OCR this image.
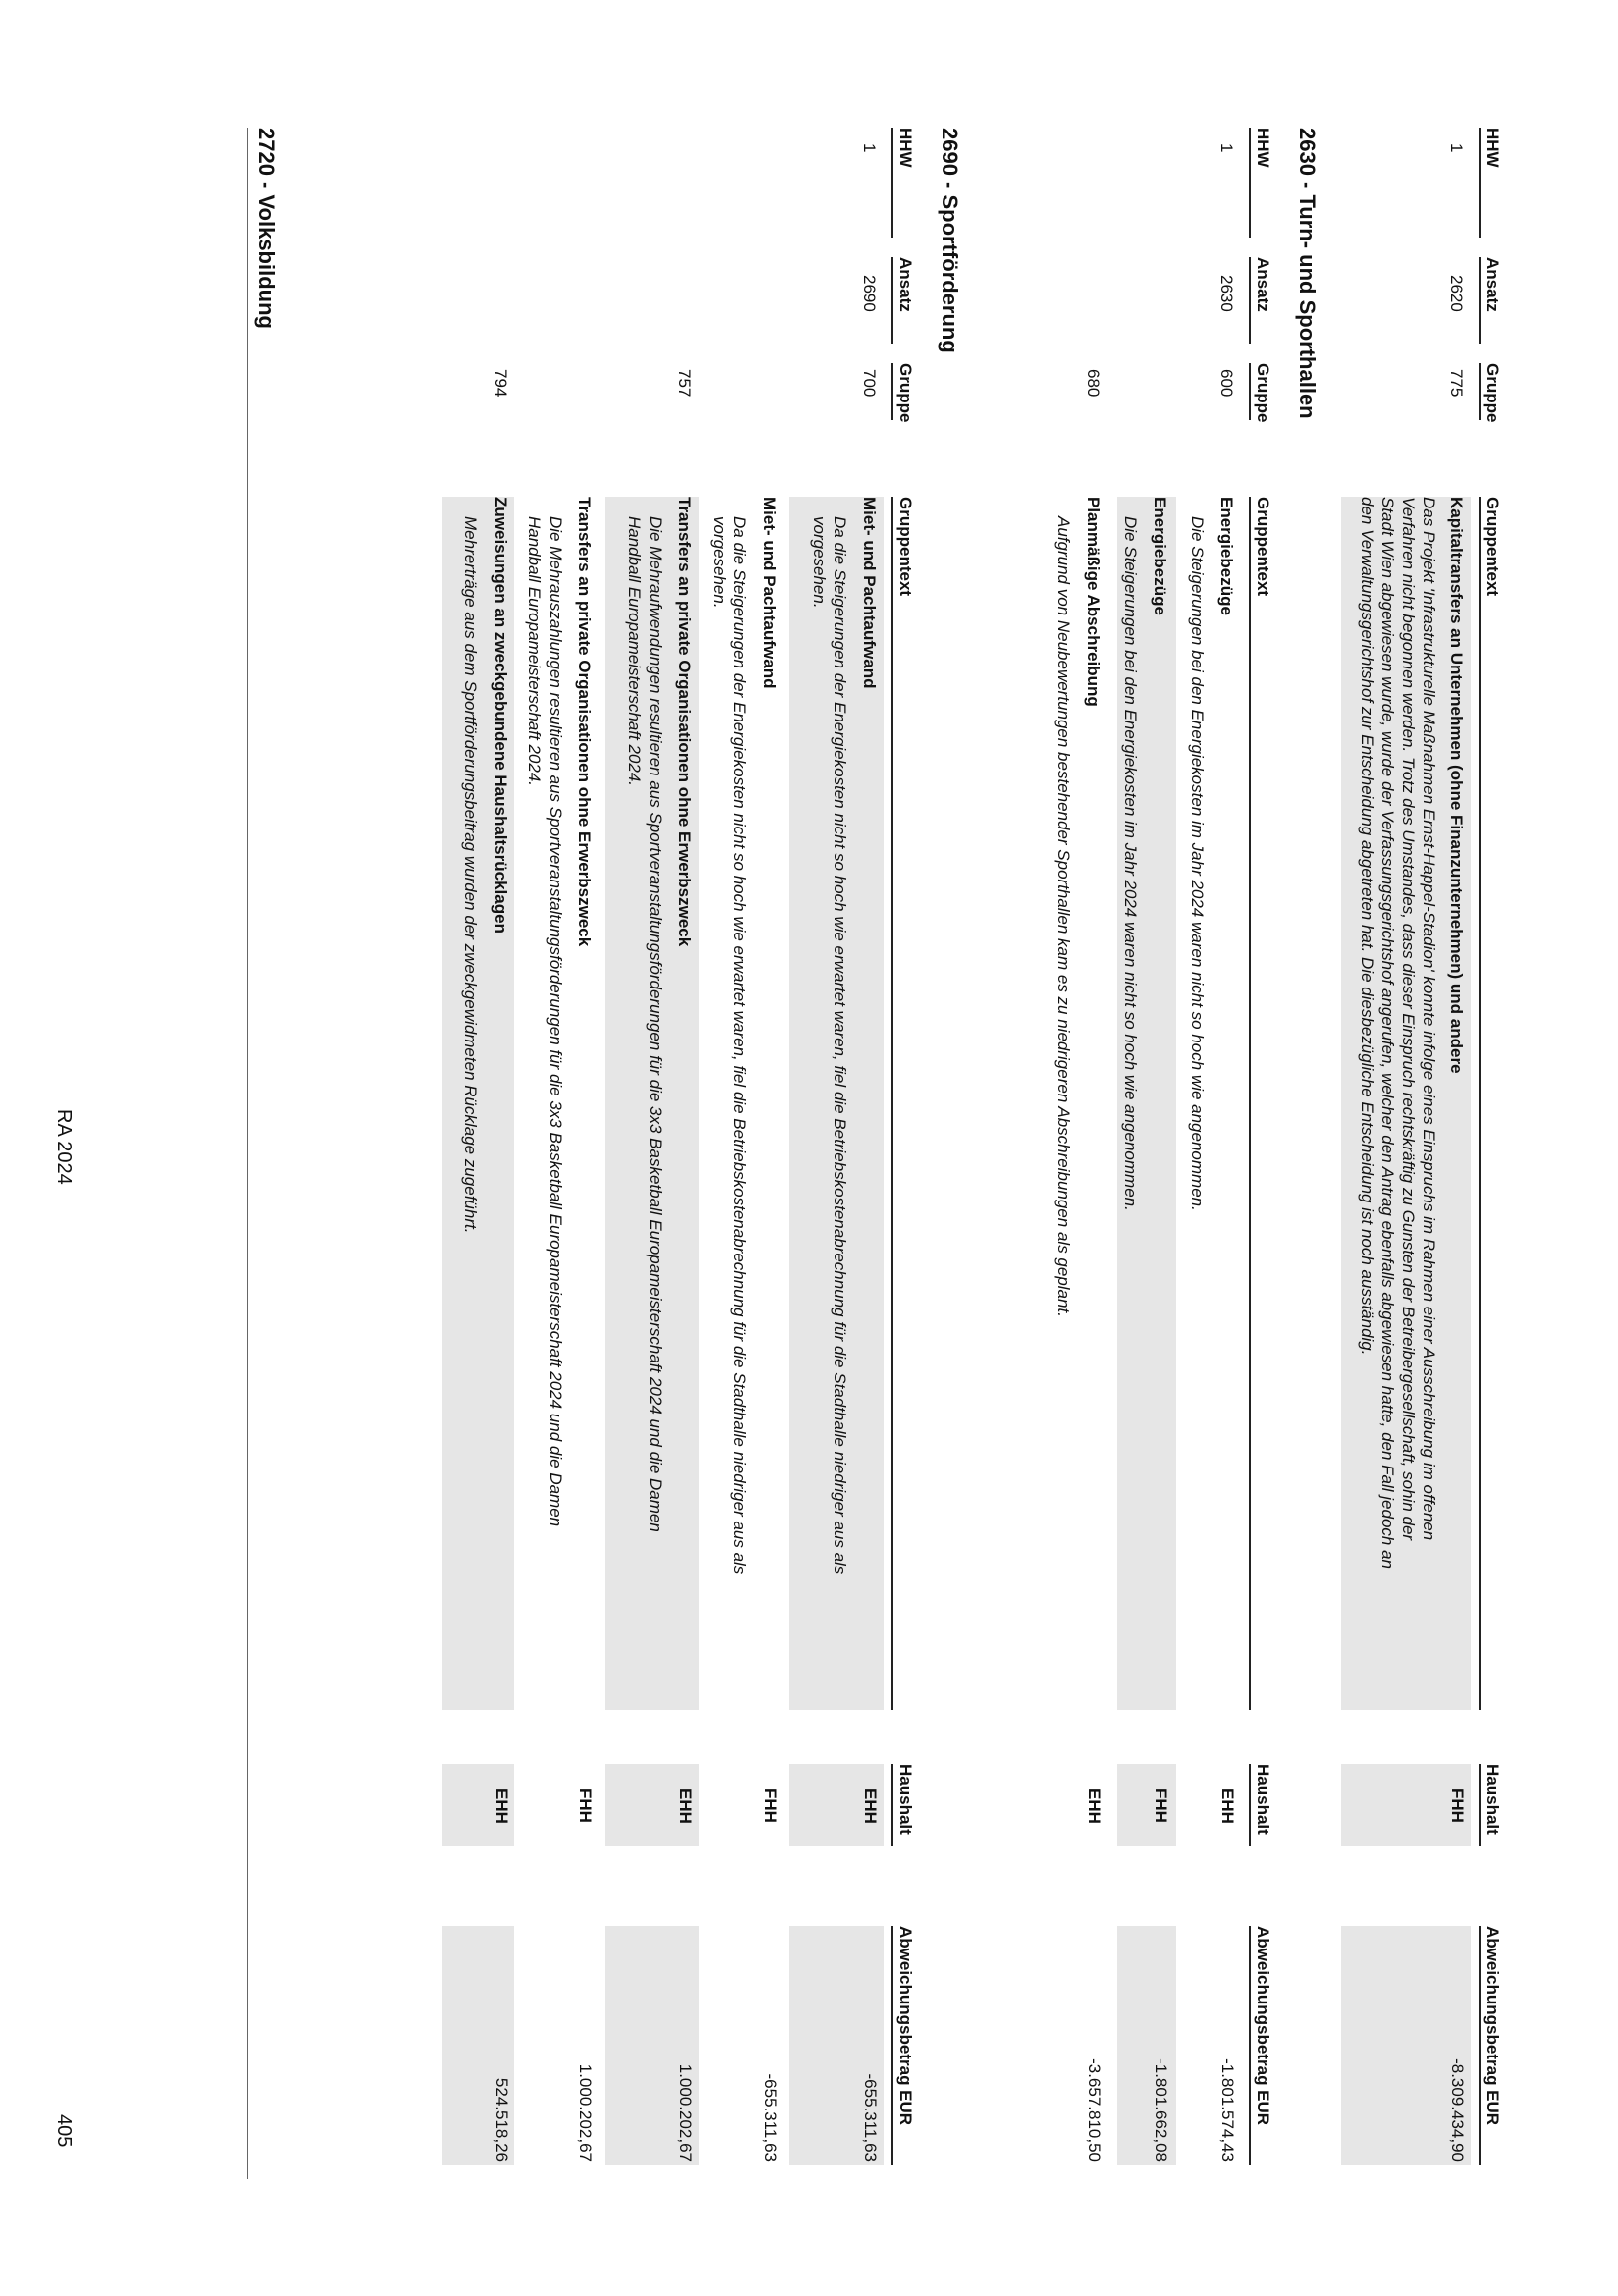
HHW
Ansatz
Gruppe
Gruppentext
Haushalt
Abweichungsbetrag EUR
1
2620
775
Kapitaltransfers an Unternehmen (ohne Finanzunternehmen) und andere
Das Projekt 'Infrastrukturelle Maßnahmen Ernst-Happel-Stadion' konnte infolge eines Einspruchs im Rahmen einer Ausschreibung im offenen
Verfahren nicht begonnen werden. Trotz des Umstandes, dass dieser Einspruch rechtskräftig zu Gunsten der Betreibergesellschaft, sohin der
Stadt Wien abgewiesen wurde, wurde der Verfassungsgerichtshof angerufen, welcher den Antrag ebenfalls abgewiesen hatte, den Fall jedoch an
den Verwaltungsgerichtshof zur Entscheidung abgetreten hat. Die diesbezügliche Entscheidung ist noch ausständig.
FHH
-8.309.434,90
2630 - Turn- und Sporthallen
HHW
Ansatz
Gruppe
Gruppentext
Haushalt
Abweichungsbetrag EUR
1
2630
600
Energiebezüge
Die Steigerungen bei den Energiekosten im Jahr 2024 waren nicht so hoch wie angenommen.
EHH
-1.801.574,43
Energiebezüge
Die Steigerungen bei den Energiekosten im Jahr 2024 waren nicht so hoch wie angenommen.
FHH
-1.801.662,08
680
Planmäßige Abschreibung
Aufgrund von Neubewertungen bestehender Sporthallen kam es zu niedrigeren Abschreibungen als geplant.
EHH
-3.657.810,50
2690 - Sportförderung
HHW
Ansatz
Gruppe
Gruppentext
Haushalt
Abweichungsbetrag EUR
1
2690
700
Miet- und Pachtaufwand
Da die Steigerungen der Energiekosten nicht so hoch wie erwartet waren, fiel die Betriebskostenabrechnung für die Stadthalle niedriger aus als
vorgesehen.
EHH
-655.311,63
Miet- und Pachtaufwand
Da die Steigerungen der Energiekosten nicht so hoch wie erwartet waren, fiel die Betriebskostenabrechnung für die Stadthalle niedriger aus als
vorgesehen.
FHH
-655.311,63
757
Transfers an private Organisationen ohne Erwerbszweck
Die Mehraufwendungen resultieren aus Sportveranstaltungsförderungen für die 3x3 Basketball Europameisterschaft 2024 und die Damen
Handball Europameisterschaft 2024.
EHH
1.000.202,67
Transfers an private Organisationen ohne Erwerbszweck
Die Mehrauszahlungen resultieren aus Sportveranstaltungsförderungen für die 3x3 Basketball Europameisterschaft 2024 und die Damen
Handball Europameisterschaft 2024.
FHH
1.000.202,67
794
Zuweisungen an zweckgebundene Haushaltsrücklagen
Mehrerträge aus dem Sportförderungsbeitrag wurden der zweckgewidmeten Rücklage zugeführt.
EHH
524.518,26
2720 - Volksbildung
RA 2024
405
